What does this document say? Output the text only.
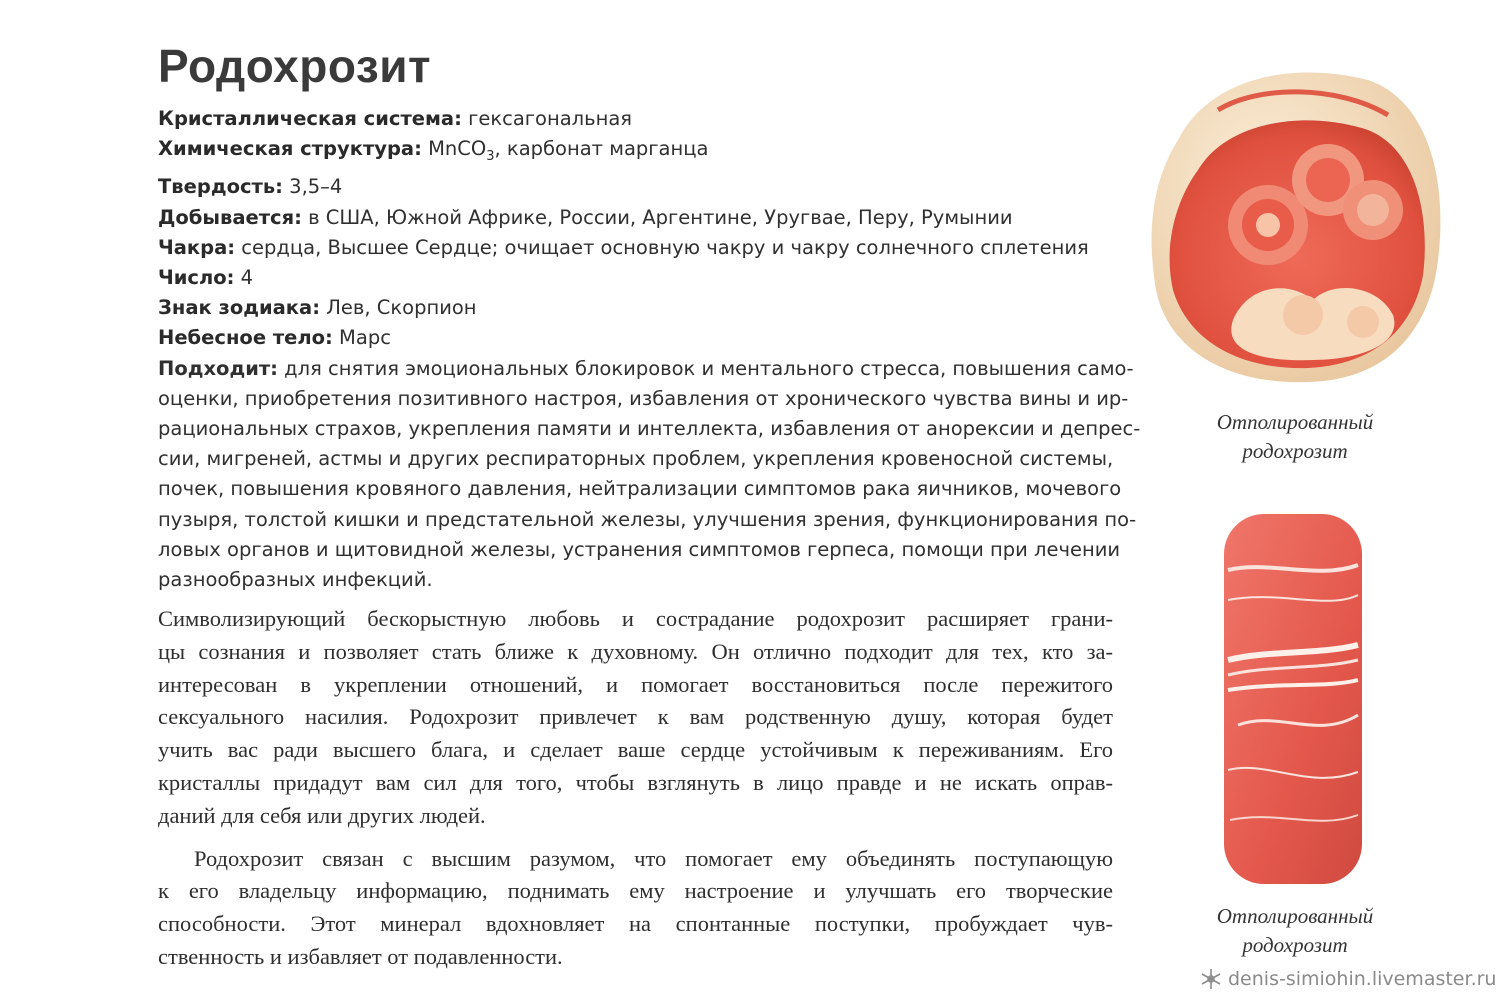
Родохрозит
Кристаллическая система: гексагональная
Химическая структура: MnCO$_3$, карбонат марганца
Твердость: 3,5–4
Добывается: в США, Южной Африке, России, Аргентине, Уругвае, Перу, Румынии
Чакра: сердца, Высшее Сердце; очищает основную чакру и чакру солнечного сплетения
Число: 4
Знак зодиака: Лев, Скорпион
Небесное тело: Марс
Подходит: для снятия эмоциональных блокировок и ментального стресса, повышения само-
оценки, приобретения позитивного настроя, избавления от хронического чувства вины и ир-
рациональных страхов, укрепления памяти и интеллекта, избавления от анорексии и депрес-
сии, мигреней, астмы и других респираторных проблем, укрепления кровеносной системы,
почек, повышения кровяного давления, нейтрализации симптомов рака яичников, мочевого
пузыря, толстой кишки и предстательной железы, улучшения зрения, функционирования по-
ловых органов и щитовидной железы, устранения симптомов герпеса, помощи при лечении
разнообразных инфекций.
Символизирующий бескорыстную любовь и сострадание родохрозит расширяет грани-
цы сознания и позволяет стать ближе к духовному. Он отлично подходит для тех, кто за-
интересован в укреплении отношений, и помогает восстановиться после пережитого
сексуального насилия. Родохрозит привлечет к вам родственную душу, которая будет
учить вас ради высшего блага, и сделает ваше сердце устойчивым к переживаниям. Его
кристаллы придадут вам сил для того, чтобы взглянуть в лицо правде и не искать оправ-
даний для себя или других людей.
Родохрозит связан с высшим разумом, что помогает ему объединять поступающую
к его владельцу информацию, поднимать ему настроение и улучшать его творческие
способности. Этот минерал вдохновляет на спонтанные поступки, пробуждает чув-
ственность и избавляет от подавленности.
Отполированный
родохрозит
Отполированный
родохрозит
denis-simiohin.livemaster.ru
